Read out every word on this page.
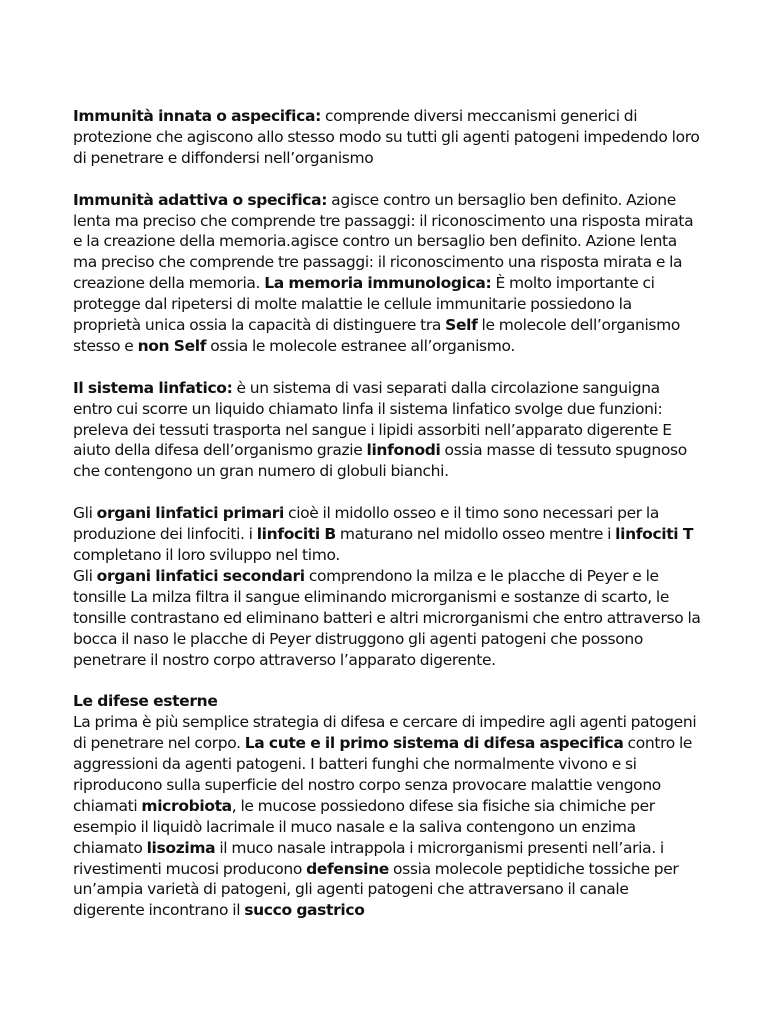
Immunità innata o aspecifica: comprende diversi meccanismi generici di protezione che agiscono allo stesso modo su tutti gli agenti patogeni impedendo loro di penetrare e diffondersi nell’organismo

Immunità adattiva o specifica: agisce contro un bersaglio ben definito. Azione lenta ma preciso che comprende tre passaggi: il riconoscimento una risposta mirata e la creazione della memoria.agisce contro un bersaglio ben definito. Azione lenta ma preciso che comprende tre passaggi: il riconoscimento una risposta mirata e la creazione della memoria. La memoria immunologica: È molto importante ci protegge dal ripetersi di molte malattie le cellule immunitarie possiedono la proprietà unica ossia la capacità di distinguere tra Self le molecole dell’organismo stesso e non Self ossia le molecole estranee all’organismo.

Il sistema linfatico: è un sistema di vasi separati dalla circolazione sanguigna entro cui scorre un liquido chiamato linfa il sistema linfatico svolge due funzioni: preleva dei tessuti trasporta nel sangue i lipidi assorbiti nell’apparato digerente E aiuto della difesa dell’organismo grazie linfonodi ossia masse di tessuto spugnoso che contengono un gran numero di globuli bianchi.

Gli organi linfatici primari cioè il midollo osseo e il timo sono necessari per la produzione dei linfociti. i linfociti B maturano nel midollo osseo mentre i linfociti T completano il loro sviluppo nel timo.

Gli organi linfatici secondari comprendono la milza e le placche di Peyer e le tonsille La milza filtra il sangue eliminando microrganismi e sostanze di scarto, le tonsille contrastano ed eliminano batteri e altri microrganismi che entro attraverso la bocca il naso le placche di Peyer distruggono gli agenti patogeni che possono penetrare il nostro corpo attraverso l’apparato digerente.

Le difese esterne
La prima è più semplice strategia di difesa e cercare di impedire agli agenti patogeni di penetrare nel corpo. La cute e il primo sistema di difesa aspecifica contro le aggressioni da agenti patogeni. I batteri funghi che normalmente vivono e si riproducono sulla superficie del nostro corpo senza provocare malattie vengono chiamati microbiota, le mucose possiedono difese sia fisiche sia chimiche per esempio il liquidò lacrimale il muco nasale e la saliva contengono un enzima chiamato lisozima il muco nasale intrappola i microrganismi presenti nell’aria. i rivestimenti mucosi producono defensine ossia molecole peptidiche tossiche per un’ampia varietà di patogeni, gli agenti patogeni che attraversano il canale digerente incontrano il succo gastrico
